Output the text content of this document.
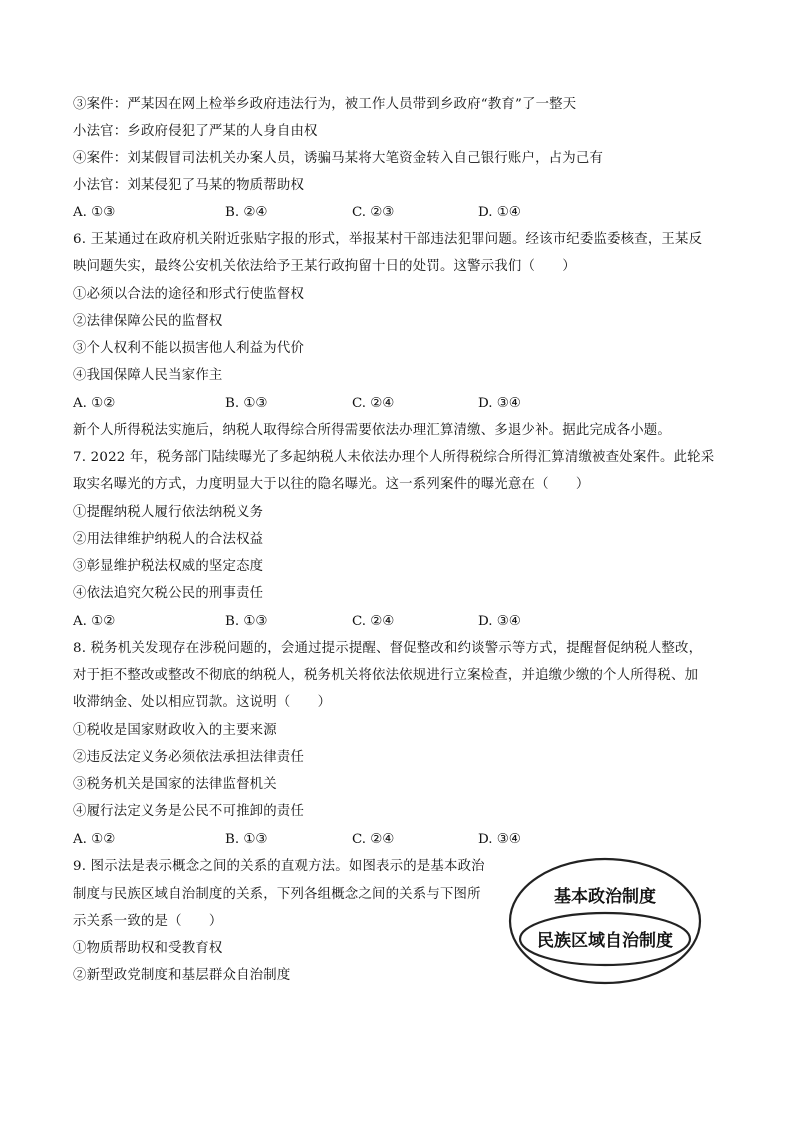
③案件：严某因在网上检举乡政府违法行为，被工作人员带到乡政府“教育”了一整天
小法官：乡政府侵犯了严某的人身自由权
④案件：刘某假冒司法机关办案人员，诱骗马某将大笔资金转入自己银行账户，占为己有
小法官：刘某侵犯了马某的物质帮助权
A. ①③	B. ②④	C. ②③	D. ①④
6. 王某通过在政府机关附近张贴字报的形式，举报某村干部违法犯罪问题。经该市纪委监委核查，王某反
映问题失实，最终公安机关依法给予王某行政拘留十日的处罚。这警示我们（　　）
①必须以合法的途径和形式行使监督权
②法律保障公民的监督权
③个人权利不能以损害他人利益为代价
④我国保障人民当家作主
A. ①②	B. ①③	C. ②④	D. ③④
新个人所得税法实施后，纳税人取得综合所得需要依法办理汇算清缴、多退少补。据此完成各小题。
7. 2022 年，税务部门陆续曝光了多起纳税人未依法办理个人所得税综合所得汇算清缴被查处案件。此轮采
取实名曝光的方式，力度明显大于以往的隐名曝光。这一系列案件的曝光意在（　　）
①提醒纳税人履行依法纳税义务
②用法律维护纳税人的合法权益
③彰显维护税法权威的坚定态度
④依法追究欠税公民的刑事责任
A. ①②	B. ①③	C. ②④	D. ③④
8. 税务机关发现存在涉税问题的，会通过提示提醒、督促整改和约谈警示等方式，提醒督促纳税人整改，
对于拒不整改或整改不彻底的纳税人，税务机关将依法依规进行立案检查，并追缴少缴的个人所得税、加
收滞纳金、处以相应罚款。这说明（　　）
①税收是国家财政收入的主要来源
②违反法定义务必须依法承担法律责任
③税务机关是国家的法律监督机关
④履行法定义务是公民不可推卸的责任
A. ①②	B. ①③	C. ②④	D. ③④
9. 图示法是表示概念之间的关系的直观方法。如图表示的是基本政治
制度与民族区域自治制度的关系，下列各组概念之间的关系与下图所
示关系一致的是（　　）
①物质帮助权和受教育权
②新型政党制度和基层群众自治制度
基本政治制度
民族区域自治制度
